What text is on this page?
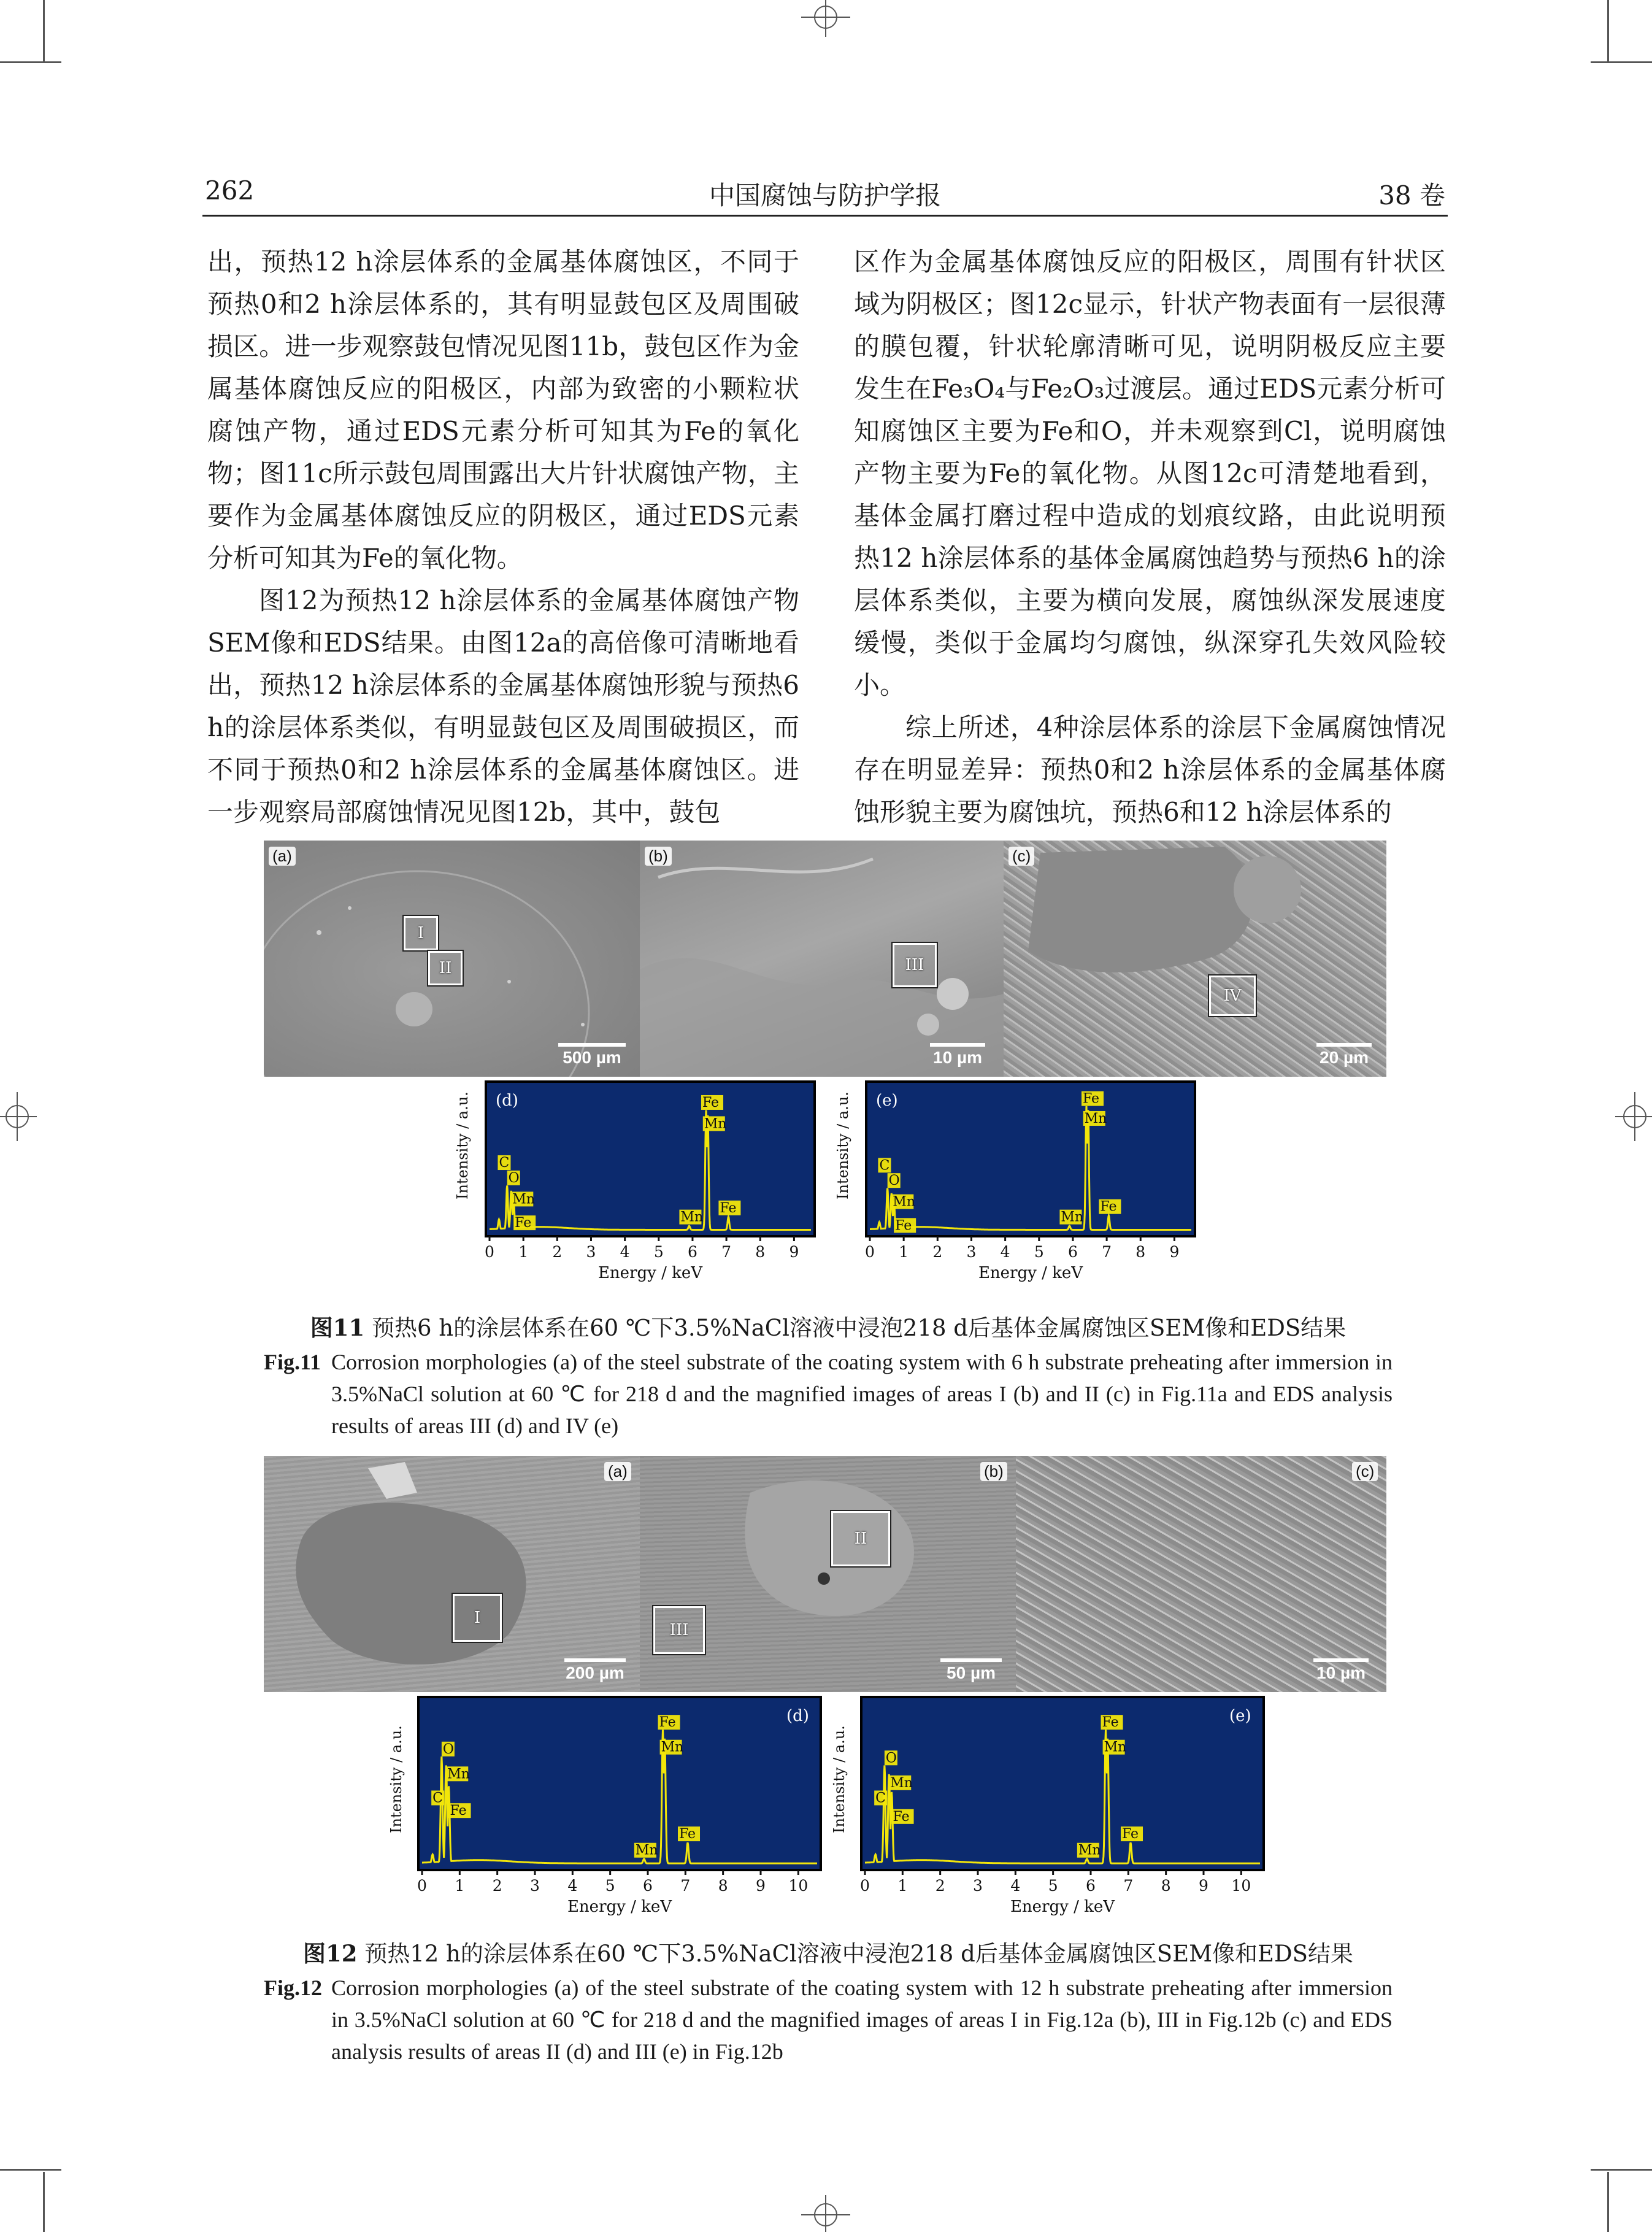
262	中国腐蚀与防护学报	38 卷

出，预热12 h涂层体系的金属基体腐蚀区，不同于预热0和2 h涂层体系的，其有明显鼓包区及周围破损区。进一步观察鼓包情况见图11b，鼓包区作为金属基体腐蚀反应的阳极区，内部为致密的小颗粒状腐蚀产物，通过EDS元素分析可知其为Fe的氧化物；图11c所示鼓包周围露出大片针状腐蚀产物，主要作为金属基体腐蚀反应的阴极区，通过EDS元素分析可知其为Fe的氧化物。

图12为预热12 h涂层体系的金属基体腐蚀产物SEM像和EDS结果。由图12a的高倍像可清晰地看出，预热12 h涂层体系的金属基体腐蚀形貌与预热6 h的涂层体系类似，有明显鼓包区及周围破损区，而不同于预热0和2 h涂层体系的金属基体腐蚀区。进一步观察局部腐蚀情况见图12b，其中，鼓包

区作为金属基体腐蚀反应的阳极区，周围有针状区域为阴极区；图12c显示，针状产物表面有一层很薄的膜包覆，针状轮廓清晰可见，说明阴极反应主要发生在Fe₃O₄与Fe₂O₃过渡层。通过EDS元素分析可知腐蚀区主要为Fe和O，并未观察到Cl，说明腐蚀产物主要为Fe的氧化物。从图12c可清楚地看到，基体金属打磨过程中造成的划痕纹路，由此说明预热12 h涂层体系的基体金属腐蚀趋势与预热6 h的涂层体系类似，主要为横向发展，腐蚀纵深发展速度缓慢，类似于金属均匀腐蚀，纵深穿孔失效风险较小。

综上所述，4种涂层体系的涂层下金属腐蚀情况存在明显差异：预热0和2 h涂层体系的金属基体腐蚀形貌主要为腐蚀坑，预热6和12 h涂层体系的

(a)
I
II
500 µm
(b)
III
10 µm
(c)
IV
20 µm
(d)
Intensity / a.u.
Energy / keV
0 1 2 3 4 5 6 7 8 9
Fe
Mn
O
Mn
Fe
Fe
C
Mn
(e)
Intensity / a.u.
Energy / keV
0 1 2 3 4 5 6 7 8 9
Fe
Mn
O
Mn
Fe
Fe
C
Mn
图11 预热6 h的涂层体系在60 ℃下3.5%NaCl溶液中浸泡218 d后基体金属腐蚀区SEM像和EDS结果
Fig.11 Corrosion morphologies (a) of the steel substrate of the coating system with 6 h substrate preheating after immersion in 3.5%NaCl solution at 60 ℃ for 218 d and the magnified images of areas I (b) and II (c) in Fig.11a and EDS analysis results of areas III (d) and IV (e)
(a)
I
200 µm
(b)
II
III
50 µm
(c)
10 µm
(d)
Intensity / a.u.
Energy / keV
0 1 2 3 4 5 6 7 8 9 10
Fe
Mn
O
Mn
Fe
Fe
C
Mn
(e)
Intensity / a.u.
Energy / keV
0 1 2 3 4 5 6 7 8 9 10
Fe
Mn
O
Mn
Fe
Fe
C
Mn
图12 预热12 h的涂层体系在60 ℃下3.5%NaCl溶液中浸泡218 d后基体金属腐蚀区SEM像和EDS结果
Fig.12 Corrosion morphologies (a) of the steel substrate of the coating system with 12 h substrate preheating after immersion in 3.5%NaCl solution at 60 ℃ for 218 d and the magnified images of areas I in Fig.12a (b), III in Fig.12b (c) and EDS analysis results of areas II (d) and III (e) in Fig.12b
